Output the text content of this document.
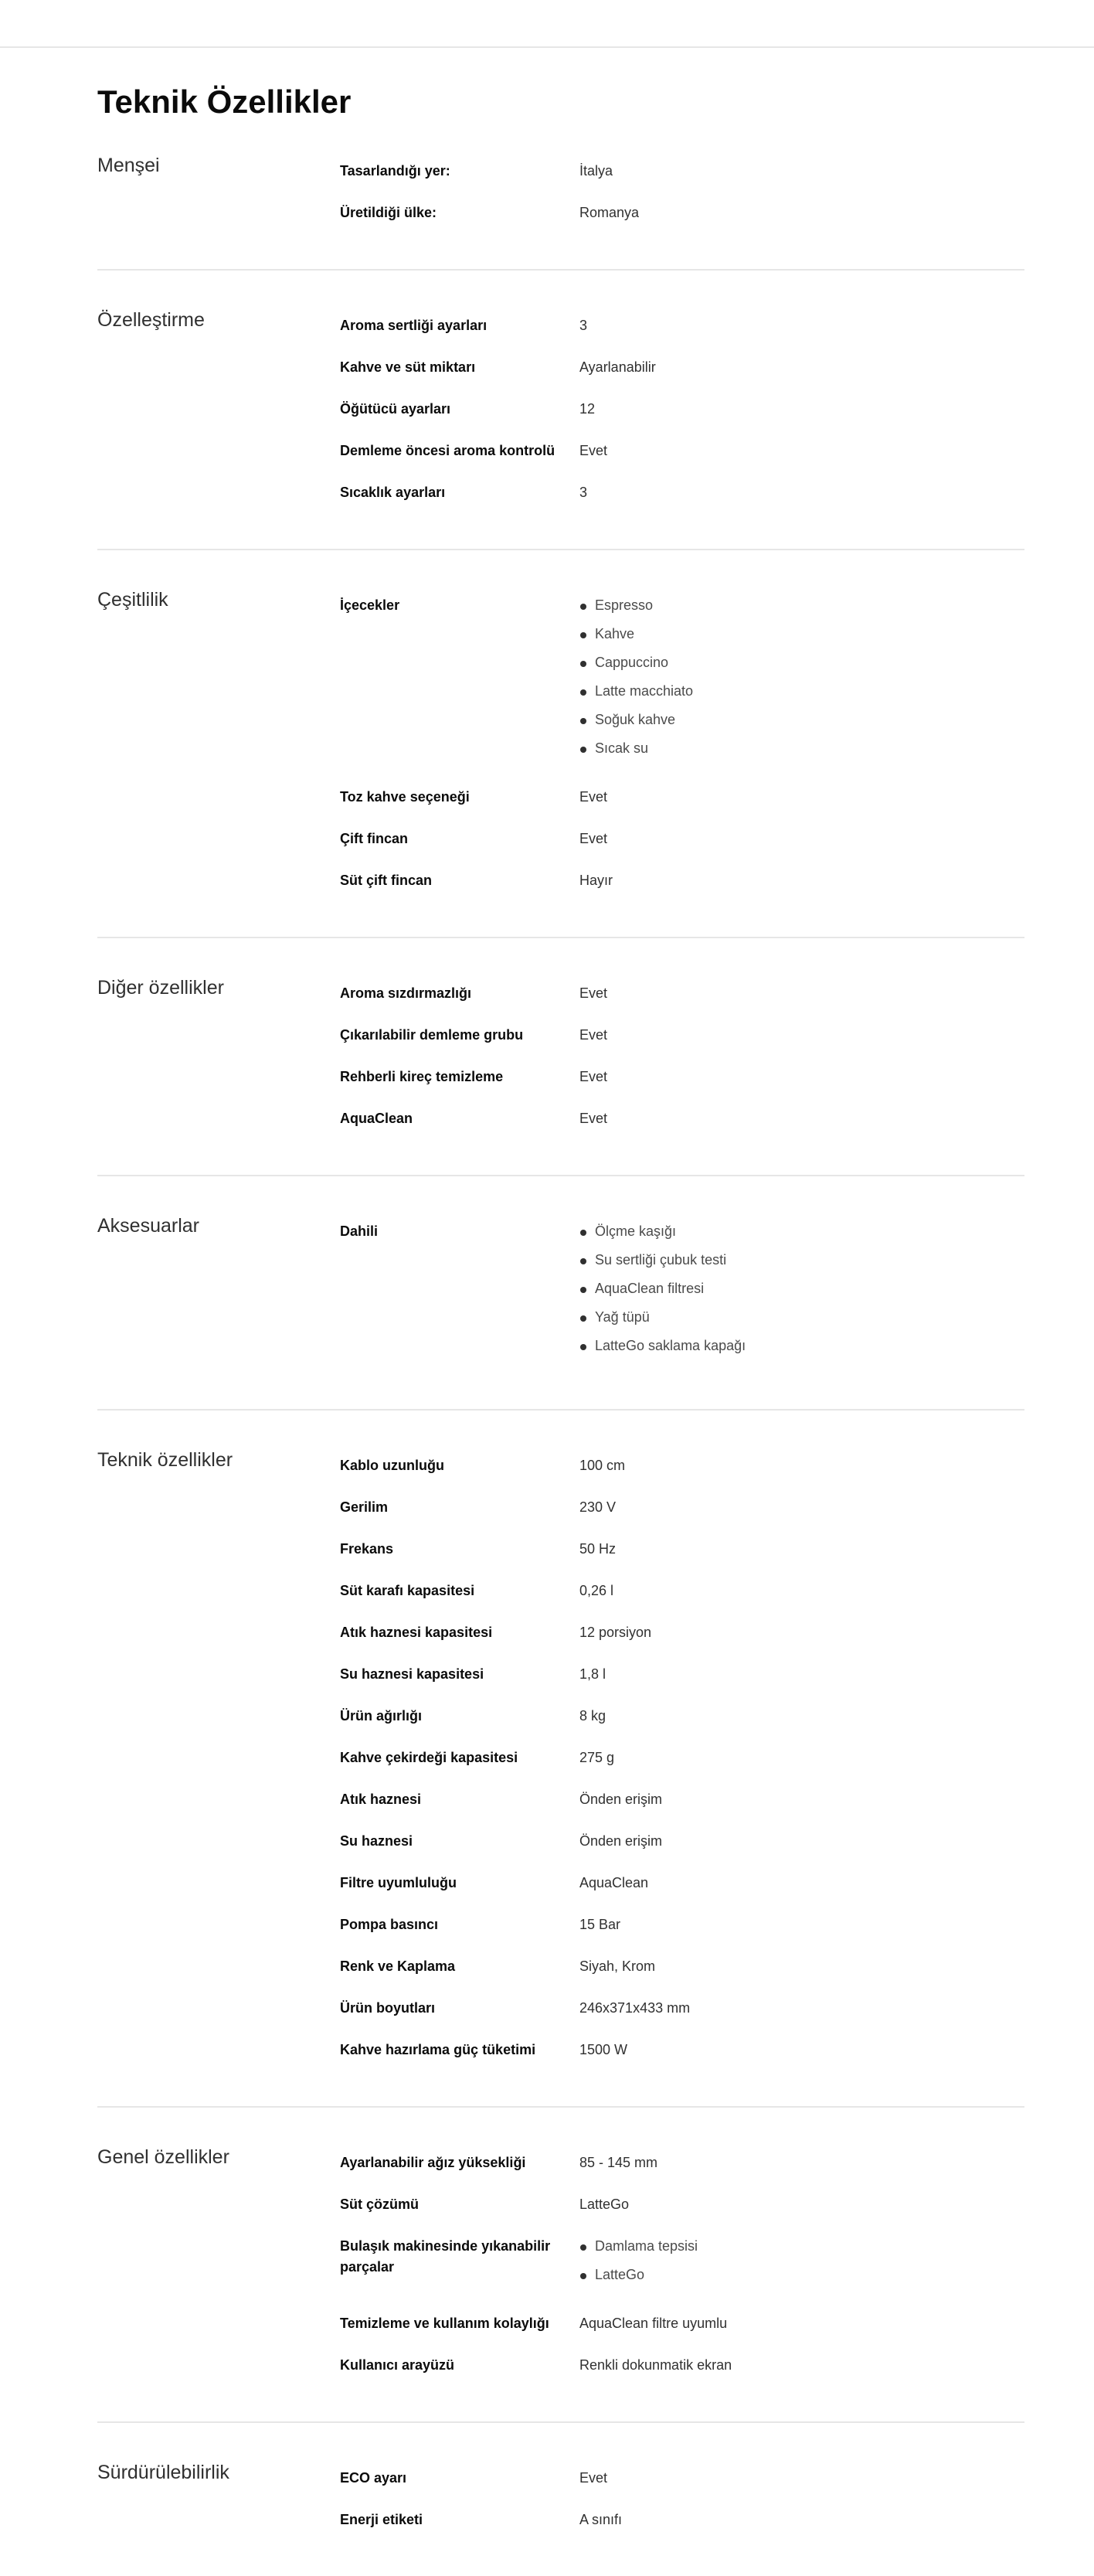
Teknik Özellikler
Menşei	Tasarlandığı yer:	İtalya
Üretildiği ülke:	Romanya
Özelleştirme	Aroma sertliği ayarları	3
Kahve ve süt miktarı	Ayarlanabilir
Öğütücü ayarları	12
Demleme öncesi aroma kontrolü	Evet
Sıcaklık ayarları	3
Çeşitlilik	İçecekler	Espresso
Kahve
Cappuccino
Latte macchiato
Soğuk kahve
Sıcak su
Toz kahve seçeneği	Evet
Çift fincan	Evet
Süt çift fincan	Hayır
Diğer özellikler	Aroma sızdırmazlığı	Evet
Çıkarılabilir demleme grubu	Evet
Rehberli kireç temizleme	Evet
AquaClean	Evet
Aksesuarlar	Dahili	Ölçme kaşığı
Su sertliği çubuk testi
AquaClean filtresi
Yağ tüpü
LatteGo saklama kapağı
Teknik özellikler	Kablo uzunluğu	100 cm
Gerilim	230 V
Frekans	50 Hz
Süt karafı kapasitesi	0,26 l
Atık haznesi kapasitesi	12 porsiyon
Su haznesi kapasitesi	1,8 l
Ürün ağırlığı	8 kg
Kahve çekirdeği kapasitesi	275 g
Atık haznesi	Önden erişim
Su haznesi	Önden erişim
Filtre uyumluluğu	AquaClean
Pompa basıncı	15 Bar
Renk ve Kaplama	Siyah, Krom
Ürün boyutları	246x371x433 mm
Kahve hazırlama güç tüketimi	1500 W
Genel özellikler	Ayarlanabilir ağız yüksekliği	85 - 145 mm
Süt çözümü	LatteGo
Bulaşık makinesinde yıkanabilir parçalar
Damlama tepsisi
LatteGo
Temizleme ve kullanım kolaylığı	AquaClean filtre uyumlu
Kullanıcı arayüzü	Renkli dokunmatik ekran
Sürdürülebilirlik	ECO ayarı	Evet
Enerji etiketi	A sınıfı
